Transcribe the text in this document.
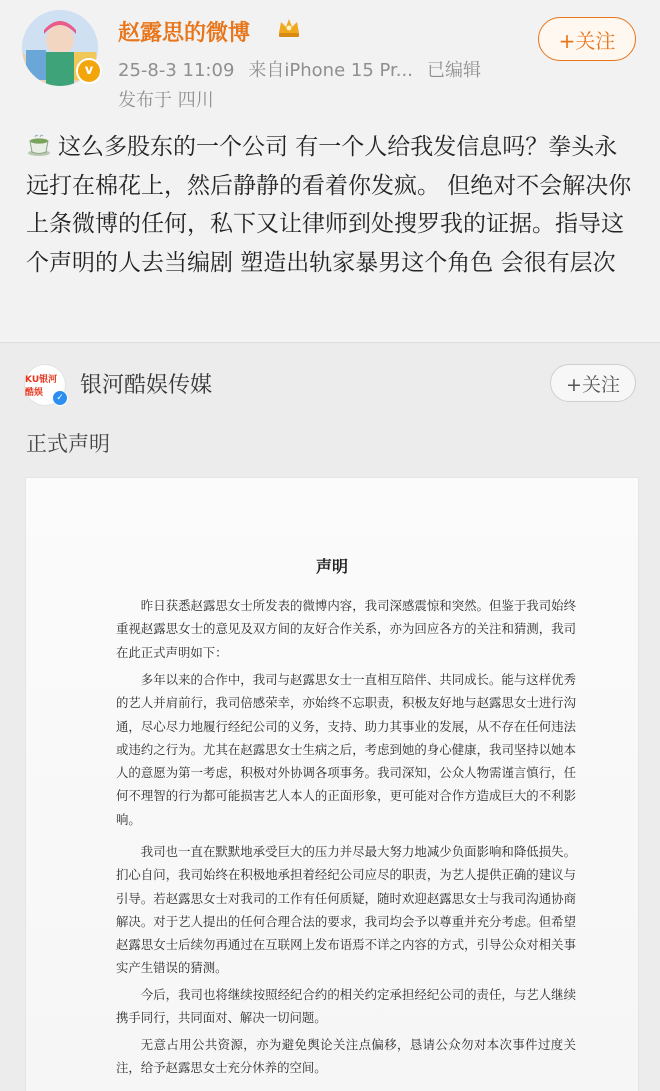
v
赵露思的微博
25-8-3 11:09 来自iPhone 15 Pr... 已编辑
发布于 四川
+关注
这么多股东的一个公司 有一个人给我发信息吗？拳头永远打在棉花上，然后静静的看着你发疯。 但绝对不会解决你上条微博的任何，私下又让律师到处搜罗我的证据。指导这个声明的人去当编剧 塑造出轨家暴男这个角色 会很有层次
KU银河酷娱	✓ 银河酷娱传媒	+关注
正式声明
声明
昨日获悉赵露思女士所发表的微博内容，我司深感震惊和突然。但鉴于我司始终重视赵露思女士的意见及双方间的友好合作关系，亦为回应各方的关注和猜测，我司在此正式声明如下：
多年以来的合作中，我司与赵露思女士一直相互陪伴、共同成长。能与这样优秀的艺人并肩前行，我司倍感荣幸，亦始终不忘职责，积极友好地与赵露思女士进行沟通，尽心尽力地履行经纪公司的义务，支持、助力其事业的发展，从不存在任何违法或违约之行为。尤其在赵露思女士生病之后，考虑到她的身心健康，我司坚持以她本人的意愿为第一考虑，积极对外协调各项事务。我司深知，公众人物需谨言慎行，任何不理智的行为都可能损害艺人本人的正面形象，更可能对合作方造成巨大的不利影响。
我司也一直在默默地承受巨大的压力并尽最大努力地减少负面影响和降低损失。扪心自问，我司始终在积极地承担着经纪公司应尽的职责，为艺人提供正确的建议与引导。若赵露思女士对我司的工作有任何质疑，随时欢迎赵露思女士与我司沟通协商解决。对于艺人提出的任何合理合法的要求，我司均会予以尊重并充分考虑。但希望赵露思女士后续勿再通过在互联网上发布语焉不详之内容的方式，引导公众对相关事实产生错误的猜测。
今后，我司也将继续按照经纪合约的相关约定承担经纪公司的责任，与艺人继续携手同行，共同面对、解决一切问题。
无意占用公共资源，亦为避免舆论关注点偏移，恳请公众勿对本次事件过度关注，给予赵露思女士充分休养的空间。
